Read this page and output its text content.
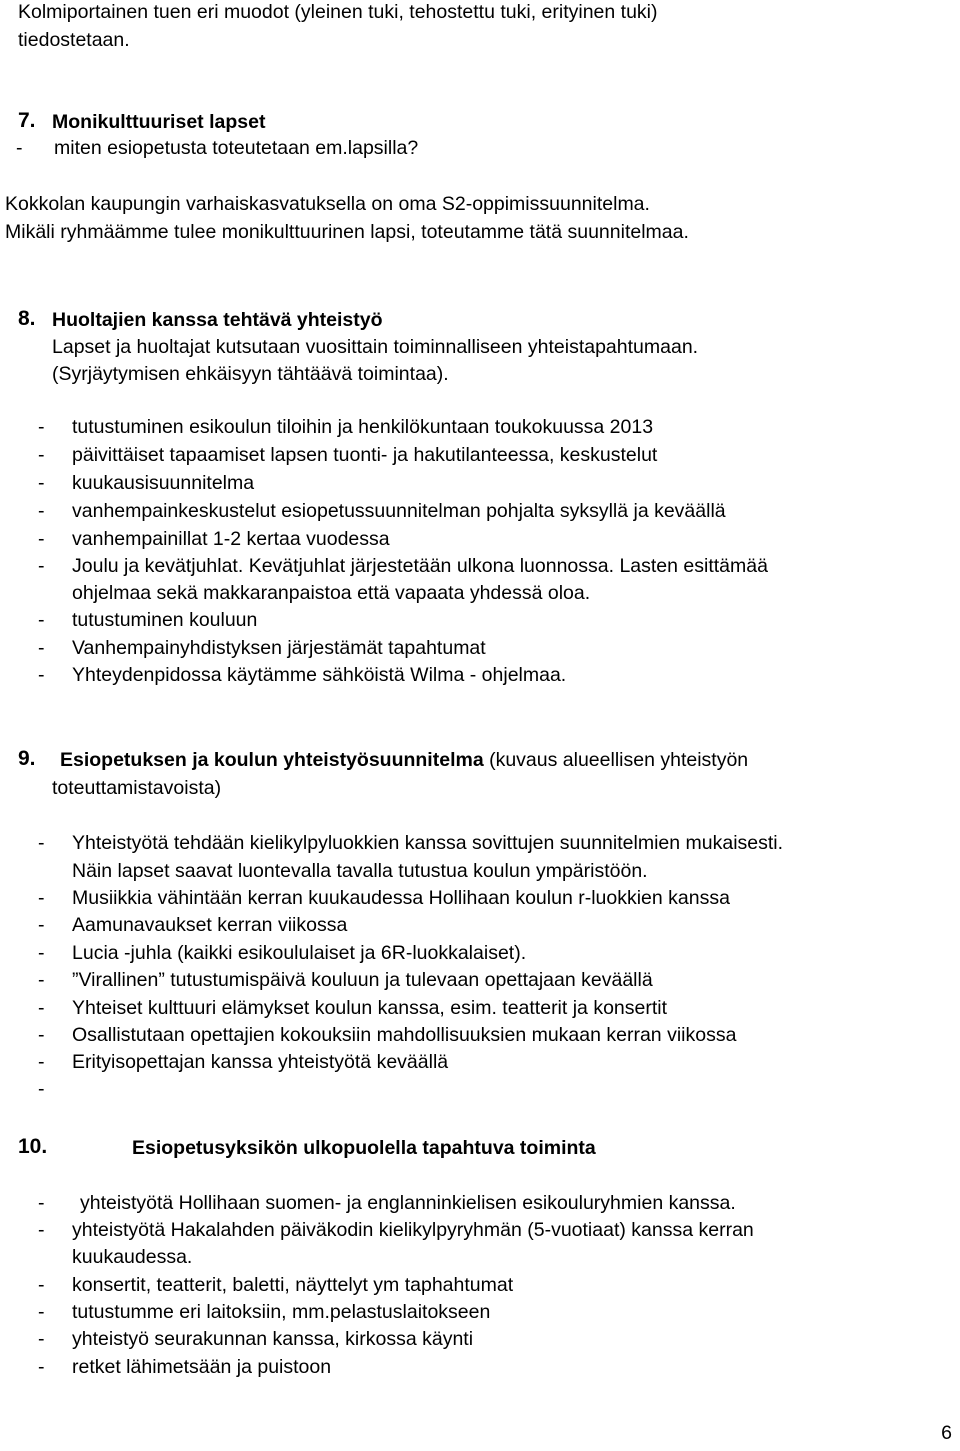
Kolmiportainen tuen eri muodot (yleinen tuki, tehostettu tuki, erityinen tuki)
tiedostetaan.
7. Monikulttuuriset lapset
- miten esiopetusta toteutetaan em.lapsilla?
Kokkolan kaupungin varhaiskasvatuksella on oma S2-oppimissuunnitelma.
Mikäli ryhmäämme tulee monikulttuurinen lapsi, toteutamme tätä suunnitelmaa.
8. Huoltajien kanssa tehtävä yhteistyö
Lapset ja huoltajat kutsutaan vuosittain toiminnalliseen yhteistapahtumaan.
(Syrjäytymisen ehkäisyyn tähtäävä toimintaa).
- tutustuminen esikoulun tiloihin ja henkilökuntaan toukokuussa 2013
- päivittäiset tapaamiset lapsen tuonti- ja hakutilanteessa, keskustelut
- kuukausisuunnitelma
- vanhempainkeskustelut esiopetussuunnitelman pohjalta syksyllä ja keväällä
- vanhempainillat 1-2 kertaa vuodessa
- Joulu ja kevätjuhlat. Kevätjuhlat järjestetään ulkona luonnossa. Lasten esittämää
ohjelmaa sekä makkaranpaistoa että vapaata yhdessä oloa.
- tutustuminen kouluun
- Vanhempainyhdistyksen järjestämät tapahtumat
- Yhteydenpidossa käytämme sähköistä Wilma - ohjelmaa.
9. Esiopetuksen ja koulun yhteistyösuunnitelma (kuvaus alueellisen yhteistyön
toteuttamistavoista)
- Yhteistyötä tehdään kielikylpyluokkien kanssa sovittujen suunnitelmien mukaisesti.
Näin lapset saavat luontevalla tavalla tutustua koulun ympäristöön.
- Musiikkia vähintään kerran kuukaudessa Hollihaan koulun r-luokkien kanssa
- Aamunavaukset kerran viikossa
- Lucia -juhla (kaikki esikoululaiset ja 6R-luokkalaiset).
- ”Virallinen” tutustumispäivä kouluun ja tulevaan opettajaan keväällä
- Yhteiset kulttuuri elämykset koulun kanssa, esim. teatterit ja konsertit
- Osallistutaan opettajien kokouksiin mahdollisuuksien mukaan kerran viikossa
- Erityisopettajan kanssa yhteistyötä keväällä
-
10.	Esiopetusyksikön ulkopuolella tapahtuva toiminta
- yhteistyötä Hollihaan suomen- ja englanninkielisen esikouluryhmien kanssa.
- yhteistyötä Hakalahden päiväkodin kielikylpyryhmän (5-vuotiaat) kanssa kerran
kuukaudessa.
- konsertit, teatterit, baletti, näyttelyt ym taphahtumat
- tutustumme eri laitoksiin, mm.pelastuslaitokseen
- yhteistyö seurakunnan kanssa, kirkossa käynti
- retket lähimetsään ja puistoon
6
